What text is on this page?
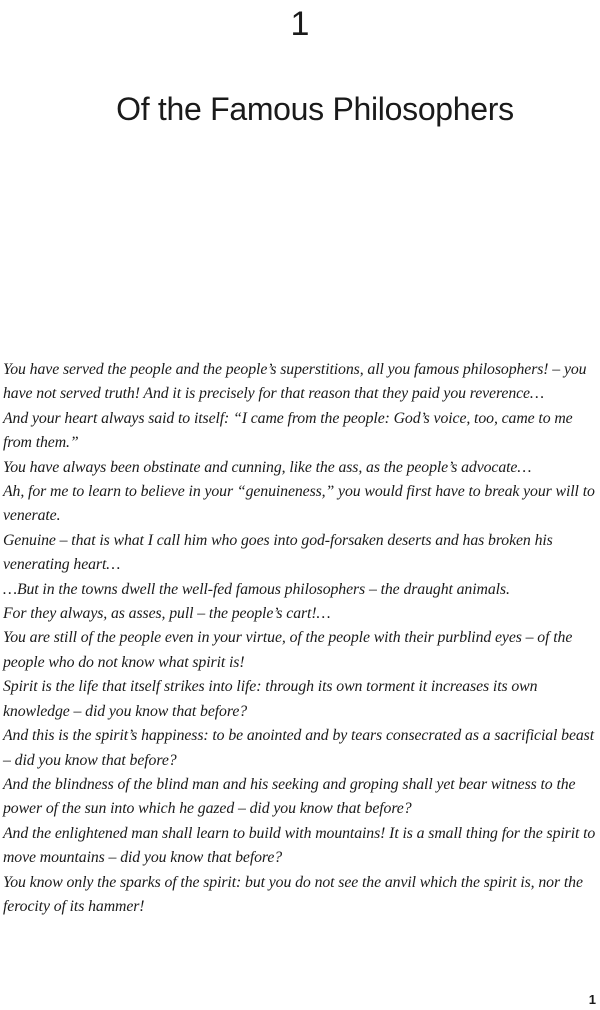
1
Of the Famous Philosophers

You have served the people and the people’s superstitions, all you famous philosophers! – you have not served truth! And it is precisely for that reason that they paid you reverence…

And your heart always said to itself: “I came from the people: God’s voice, too, came to me from them.”

You have always been obstinate and cunning, like the ass, as the people’s advocate…

Ah, for me to learn to believe in your “genuineness,” you would first have to break your will to venerate.

Genuine – that is what I call him who goes into god-forsaken deserts and has broken his venerating heart…

…But in the towns dwell the well-fed famous philosophers – the draught animals.

For they always, as asses, pull – the people’s cart!…

You are still of the people even in your virtue, of the people with their purblind eyes – of the people who do not know what spirit is!

Spirit is the life that itself strikes into life: through its own torment it increases its own knowledge – did you know that before?

And this is the spirit’s happiness: to be anointed and by tears consecrated as a sacrificial beast – did you know that before?

And the blindness of the blind man and his seeking and groping shall yet bear witness to the power of the sun into which he gazed – did you know that before?

And the enlightened man shall learn to build with mountains! It is a small thing for the spirit to move mountains – did you know that before?

You know only the sparks of the spirit: but you do not see the anvil which the spirit is, nor the ferocity of its hammer!

1
